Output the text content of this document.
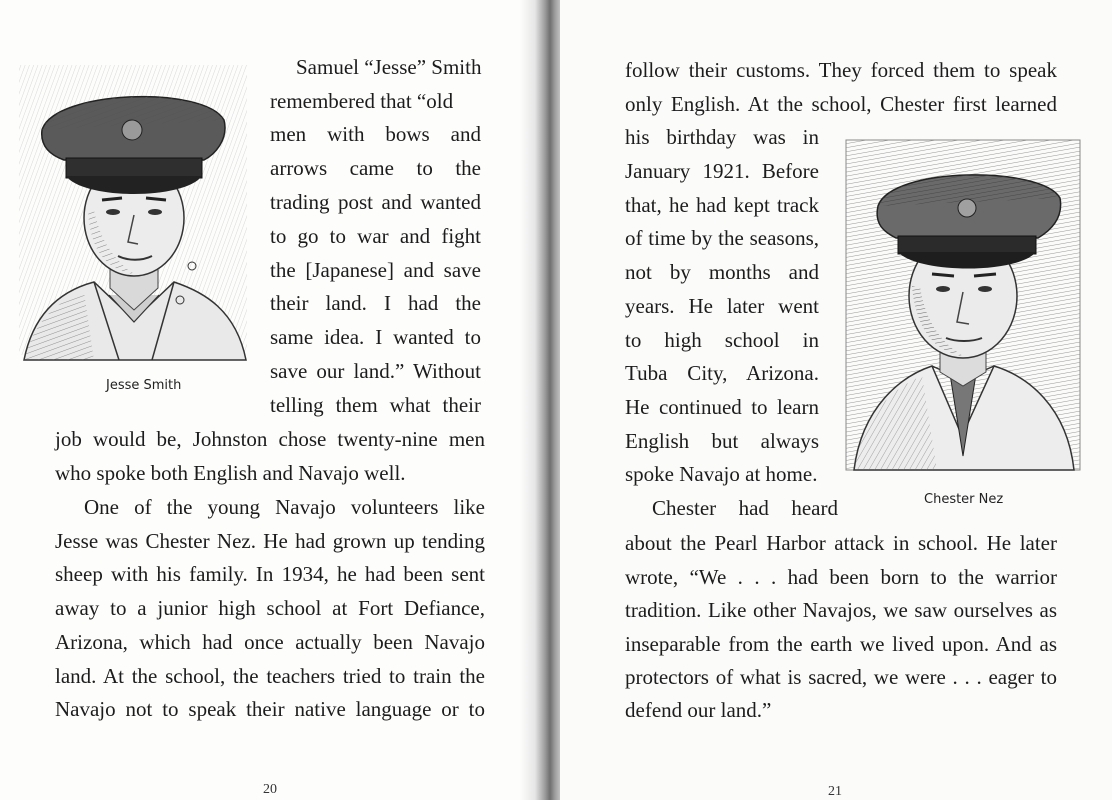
Jesse Smith
Samuel “Jesse” Smith
remembered that “old
men with bows and
arrows came to the
trading post and wanted
to go to war and fight
the [Japanese] and save
their land. I had the
same idea. I wanted to
save our land.” Without
telling them what their
job would be, Johnston chose twenty-nine men
who spoke both English and Navajo well.
One of the young Navajo volunteers like
Jesse was Chester Nez. He had grown up tending
sheep with his family. In 1934, he had been sent
away to a junior high school at Fort Defiance,
Arizona, which had once actually been Navajo
land. At the school, the teachers tried to train the
Navajo not to speak their native language or to
20
Chester Nez
follow their customs. They forced them to speak
only English. At the school, Chester first learned
his birthday was in
January 1921. Before
that, he had kept track
of time by the seasons,
not by months and
years. He later went
to high school in
Tuba City, Arizona.
He continued to learn
English but always
spoke Navajo at home.
Chester had heard
about the Pearl Harbor attack in school. He later
wrote, “We . . . had been born to the warrior
tradition. Like other Navajos, we saw ourselves as
inseparable from the earth we lived upon. And as
protectors of what is sacred, we were . . . eager to
defend our land.”
21
